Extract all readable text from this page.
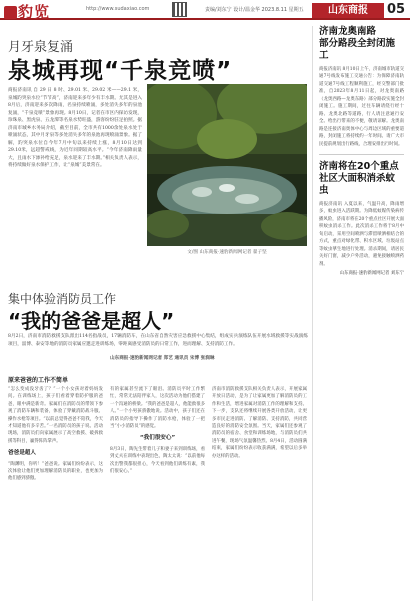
豹览	http://www.sudaxiao.com	责编/刘东宁 设计/温金华 2023.8.11 星期五	山东商报	05
月牙泉复涌
泉城再现“千泉竞喷”
商报济南讯 自 29 日 8 时、29.01 米、29.02 米——29.1 米，泉城趵突泉水位“节节高”，济南迎来多年少有丰水期。尤其是进入8月后，济南迎来多次降雨，名泉持续喷涌，多处消失多年的泉池复涌，“千泉竞喷”景象再现。8月10日，记者在市区内探访发现，珍珠泉、黑虎泉、五龙潭等名泉水势旺盛，游客纷纷驻足拍照。据济南市城乡水务局介绍，截至目前，全市共有1000余处泉水处于喷涌状态，其中月牙泉等多处消失多年的泉池再现喷涌景象。据了解，趵突泉水位自今年7月中旬以来持续上涨，8月10日达到29.10米，远超警戒线，为近年同期较高水平。“今年济南降雨量大，且雨水下渗补给充足，泉水迎来了丰水期。”相关负责人表示，将持续做好泉水保护工作，让“泉城”美景常在。
文/图 山东商报·速豹新闻网记者 翟子坚
济南龙奥南路
部分路段全封闭施工
商报济南讯 8月10日上午，济南城市轨道交通7号线发布施工交通公告：为保障济南轨道交通7号线工程顺利施工，经交警部门批准，自2023年8月11日起，对龙奥南路（龙奥西路—龙奥东路）部分路段实施全封闭施工。施工期间，过往车辆请绕行经十路、龙奥北路等道路，行人请注意通行安全。给出行带来的不便，敬请谅解。龙奥南路是连接济南奥体中心与周边区域的重要道路，封闭施工将持续约一年时间。请广大市民提前规划出行路线，合理安排出行时间。
济南将在20个重点社区大面积消杀蚊虫
商报济南讯 入夏以来，气温升高，降雨增多，蚊虫进入活跃期。为降低蚊媒传染病传播风险，济南市将在20个重点社区开展大面积蚊虫消杀工作。此次消杀工作将于8月中旬启动，采用空间喷洒与滞留喷洒相结合的方式，重点对绿化带、积水区域、垃圾站点等蚊虫孳生地进行处理。消杀期间，请居民关好门窗，减少户外活动，避免接触喷洒药剂。
山东商报·速豹新闻网记者 刘东宁
集中体验消防员工作
“我的爸爸是超人”
8月2日，济南市消防救援支队派出114名指战员，17辆消防车，在山东省自然灾害应急救援中心集结，组成实兵演练队伍开展水域救援等实战演练项目，淄博、泰安等地的消防员家属应邀走进训练场，零距离感受消防员的日常工作，进而理解、支持消防工作。
山东商报·速豹新闻网记者 郑艺 通讯员 宋博 张润琳
原来爸爸的工作不简单
“怎么变成没牙齿了？”一个小女孩对着妈妈发问。在训练场上，孩子们看着穿着防护服的爸爸，眼中满是新奇。家属们在消防员的带领下参观了消防车辆和装备，体验了穿戴消防战斗服、操作水枪等项目。“以前总觉得爸爸不陪我，今天才知道他有多辛苦。”一名消防员的孩子说。活动现场，消防员们向家属展示了高空救援、破拆救援等科目，赢得阵阵掌声。
爸爸是超人
“陶渊明，你听！”爸爸说。家属们纷纷表示，这次体验让他们更加理解消防员的职业，也更加为他们感到骄傲。
有的家属甚至流下了眼泪。消防员平时工作繁忙，常常无法陪伴家人，这次活动为他们搭建了一个沟通的桥梁。“我的爸爸是超人，他能救很多人。”一个小男孩骄傲地说。活动中，孩子们还在消防员的指导下操作了消防水枪，体验了一把当“小小消防员”的感觉。
“我们很安心”
8月3日，陶先生带着儿子和妻子来到训练场，看到丈夫在训练中表现出色，陶太太说：“以前他每次出警我都很担心，今天看到他们训练有素，我们很安心。”
济南市消防救援支队相关负责人表示，开展家属开放日活动，是为了让家属更加了解消防员的工作和生活，增进家属对消防工作的理解和支持。下一步，支队还将继续开展各类开放活动，让更多市民走进消防、了解消防、支持消防，共同营造良好的消防安全氛围。当天，家属们还参观了消防员的宿舍、食堂和训练场地，与消防员们共进午餐，现场气氛温馨热烈。8月4日，活动圆满结束，家属们纷纷表示收获满满，希望以后多举办这样的活动。
